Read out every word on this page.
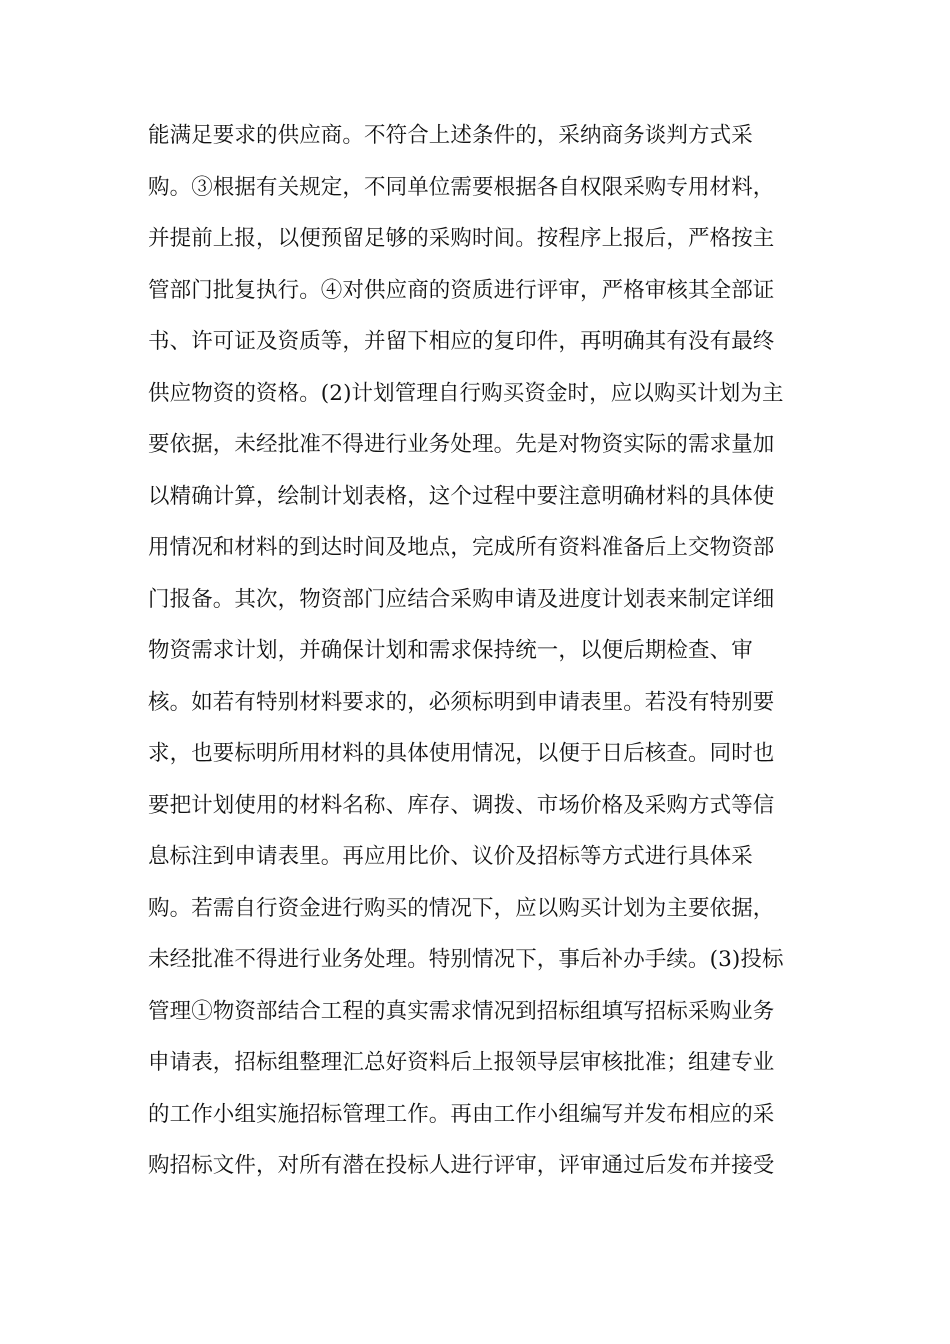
能满足要求的供应商。不符合上述条件的，采纳商务谈判方式采
购。③根据有关规定，不同单位需要根据各自权限采购专用材料，
并提前上报，以便预留足够的采购时间。按程序上报后，严格按主
管部门批复执行。④对供应商的资质进行评审，严格审核其全部证
书、许可证及资质等，并留下相应的复印件，再明确其有没有最终
供应物资的资格。(2)计划管理自行购买资金时，应以购买计划为主
要依据，未经批准不得进行业务处理。先是对物资实际的需求量加
以精确计算，绘制计划表格，这个过程中要注意明确材料的具体使
用情况和材料的到达时间及地点，完成所有资料准备后上交物资部
门报备。其次，物资部门应结合采购申请及进度计划表来制定详细
物资需求计划，并确保计划和需求保持统一，以便后期检查、审
核。如若有特别材料要求的，必须标明到申请表里。若没有特别要
求，也要标明所用材料的具体使用情况，以便于日后核查。同时也
要把计划使用的材料名称、库存、调拨、市场价格及采购方式等信
息标注到申请表里。再应用比价、议价及招标等方式进行具体采
购。若需自行资金进行购买的情况下，应以购买计划为主要依据，
未经批准不得进行业务处理。特别情况下，事后补办手续。(3)投标
管理①物资部结合工程的真实需求情况到招标组填写招标采购业务
申请表，招标组整理汇总好资料后上报领导层审核批准；组建专业
的工作小组实施招标管理工作。再由工作小组编写并发布相应的采
购招标文件，对所有潜在投标人进行评审，评审通过后发布并接受
